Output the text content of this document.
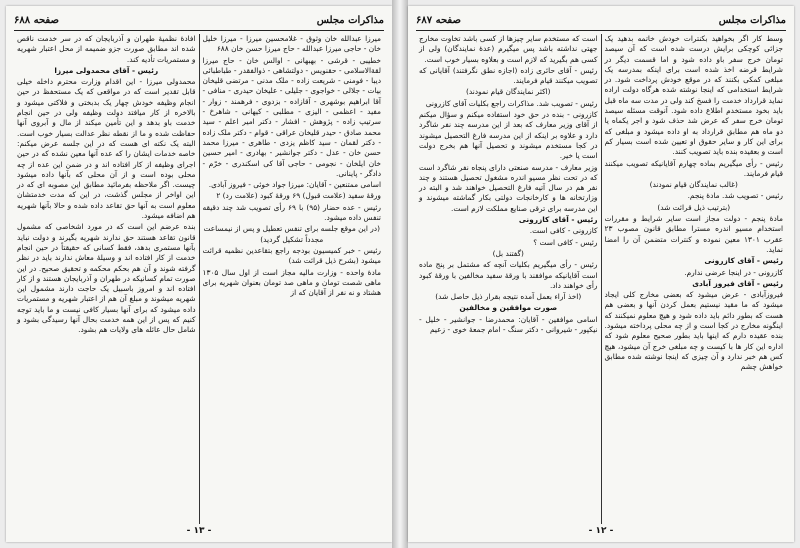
مذاکرات مجلس
صفحه ۶۸۸

میرزا عبدالله خان وثوق - غلامحسین میرزا - میرزا خلیل خان - حاجی میرزا عبدالله - حاج میرزا حسن خان ۶۸۸

خطیبی - قرشی - بهبهانی - اوالس خان - حاج میرزا لقةالاسلامی - حقنویس - دولتشاهی - ذوالفقدر - طباطبائی دیبا - فومنی - شریعت زاده - ملک مدنی - مرتضی قلیخان بیات - جلالی - خواجوی - جلیلی - علیخان حیدری - منافی - آقا ابراهیم بوشهری - آقازاده - بزدوی - فرهمند - زوار - مفید - اعظمی - الیزی - مطلبی - کیهانی - شاهرخ - سرتیپ زاده - پژوهش - افشار - دکتر امیر اعلم - سید محمد صادق - حیدر قلیخان عراقی - قوام - دکتر ملک زاده - دکتر لقمان - سید کاظم یزدی - طاهری - میرزا محمد حسن خان - عدل - دکتر جوانشیر - بهادری - امیر حسین خان ایلخان - نجومی - حاجی آقا کی اسکندری - خرّم - دادگر - پاینانی.

اسامی ممتنعین - آقایان: میرزا جواد خوئی - فیروز آبادی.

ورقهٔ سفید (علامت قبول) ۶۹ ورقهٔ کبود (علامت رد) ۲

رئیس - عده حضار (۹۵) با ۶۹ رأی تصویب شد چند دقیقه تنفس داده میشود.

(در این موقع جلسه برای تنفس تعطیل و پس از نیمساعت مجدداً تشکیل گردید)

رئیس - خبر کمیسیون بودجه راجع بتقاعدین نظمیه قرائت میشود (بشرح ذیل قرائت شد)

مادهٔ واحده - وزارت مالیه مجاز است از اول سال ۱۳۰۵ ماهی شصت تومان و ماهی صد تومان بعنوان شهریه برای هشتاد و نه نفر از آقایان که از

افادهٔ نظمیهٔ طهران و آذربایجان که در سر خدمت ناقص شده اند مطابق صورت جزو ضمیمه از محل اعتبار شهریه و مستمریات تأدیه کند.

رئیس - آقای محمدولی میرزا

محمدولی میرزا - این اقدام وزارت محترم داخله خیلی قابل تقدیر است که در مواقعی که یک مستحفظ در حین انجام وظیفه خودش چهار یک بدبختی و فلاکتی میشود و بالاخره از کار میافتد دولت وظیفه ولی در حین انجام خدمت باو بدهد و این تأمین میکند از مال و آبروی آنها حفاظت شده و ما از نقطه نظر عدالت بسیار خوب است. البته یک نکته ای هست که در این جلسه عرض میکنم: خاصه خدمات ایشان را که عده آنها معین نشده که در حین اجرای وظیفه از کار افتاده اند و در ضمن این عده از چه محلی بوده است و از آن محلی که بآنها داده میشود چیست. اگر ملاحظه بفرمائید مطابق این مصوبه ای که در این اواخر از مجلس گذشت، در این که مدت خدمتشان معلوم است به آنها حق تقاعد داده شده و حالا بآنها شهریه هم اضافه میشود.

بنده عرضم این است که در مورد اشخاصی که مشمول قانون تقاعد هستند حق ندارند شهریه بگیرند و دولت نباید بآنها مستمری بدهد، فقط کسانی که حقیقتاً در حین انجام خدمت از کار افتاده اند و وسیلهٔ معاش ندارند باید در نظر گرفته شوند و آن هم بحکم محکمه و تحقیق صحیح. در این صورت تمام کسانیکه در طهران و آذربایجان هستند و از کار افتاده اند و امروز باسبیل یک حاجت دارند مشمول این شهریه میشوند و مبلغ آن هم از اعتبار شهریه و مستمریات داده میشود که برای آنها بسیار کافی نیست و ما باید توجه کنیم که پس از این همه خدمت بحال آنها رسیدگی بشود و شامل حال عائله های ولایات هم بشود.

- ۱۳ -
مذاکرات مجلس
صفحه ۶۸۷

وسط کار اگر بخواهید بکنترات خودش خاتمه بدهید یک جزائی کوچکی برایش درست شده است که آن سیصد تومان خرج سفر باو داده شود و اما قسمت دیگر در شرایط قرضه اخذ شده است برای اینکه بمدرسه یک مبلغی کمکی بکنند که در موقع خودش پرداخت شود. در شرایط استخدامی که اینجا نوشته شده هرگاه دولت اراده نماید قرارداد خدمت را فسخ کند ولی در مدت سه ماه قبل باید بخود مستخدم اطلاع داده شود. آنوقت مسئله سیصد تومان خرج سفر که عرض شد حذف شود و اجر یکماه یا دو ماه هم مطابق قرارداد به او داده میشود و مبلغی که برای این کار و سایر حقوق او تعیین شده است بسیار کم است و بعقیده بنده باید تصویب کنند.

رئیس - رأی میگیریم بماده چهارم آقایانیکه تصویب میکنند قیام فرمایند.

(غالب نمایندگان قیام نمودند)

رئیس - تصویب شد. مادهٔ پنجم.

(بترتیب ذیل قرائت شد)

مادهٔ پنجم - دولت مجاز است سایر شرایط و مقررات استخدام مسیو اندره مسترا مطابق قانون مصوب ۲۳ عقرب ۱۳۰۱ معین نموده و کنترات متضمن آن را امضا نماید.

رئیس - آقای کازرونی

کازرونی - در اینجا عرضی ندارم.

رئیس - آقای فیروز آبادی

فیروزآبادی - عرض میشود که بعضی مخارج کلی ایجاد میشود که ما مقید نیستیم بعمل کردن آنها و بعضی هم هست که بطور دائم باید داده شود و هیچ معلوم نمیکنند که اینگونه مخارج در کجا است و از چه محلی پرداخته میشود. بنده عقیده دارم که اینها باید بطور صحیح معلوم شود که اداره این کار ها با کیست و چه مبلغی خرج آن میشود، هیچ کس هم خبر ندارد و آن چیزی که اینجا نوشته شده مطابق خواهش چشم

است که مستخدم سایر چیزها از کسی باشد تخاوت مخارج جهتی نداشته باشد پس میگیرم (عدهٔ نمایندگان) ولی از کسی هم بگیرید که لازم است و بعلاوه بسیار خوب است.

رئیس - آقای حائری زاده (اجازه نطق نگرفتند) آقایانی که تصویب میکنند قیام فرمایند.

(اکثر نمایندگان قیام نمودند)

رئیس - تصویب شد. مذاکرات راجع بکلیات آقای کازرونی

کازرونی - بنده در حق خود استفاده میکنم و سؤال میکنم از آقای وزیر معارف که بعد از این مدرسه چند نفر شاگرد دارد و علاوه بر اینکه از این مدرسه فارغ التحصیل میشوند در کجا مستخدم میشوند و تحصیل آنها هم بخرج دولت است یا خیر.

وزیر معارف - مدرسه صنعتی دارای پنجاه نفر شاگرد است که در تحت نظر مسیو اندره مشغول تحصیل هستند و چند نفر هم در سال آتیه فارغ التحصیل خواهند شد و البته در وزارتخانه ها و کارخانجات دولتی بکار گماشته میشوند و این مدرسه برای ترقی صنایع مملکت لازم است.

رئیس - آقای کازرونی

کازرونی - کافی است.

رئیس - کافی است ؟

(گفتند بل)

رئیس - رأی میگیریم بکلیات آنچه که مشتمل بر پنج ماده است آقایانیکه موافقند با ورقهٔ سفید مخالفین با ورقهٔ کبود رأی خواهند داد.

(اخذ آراء بعمل آمده نتیجه بقرار ذیل حاصل شد)

صورت موافقین و مخالفین

اسامی موافقین - آقایان: محمدرضا - جوانشیر - خلیل - نیکپور - شیروانی - دکتر سنگ - امام جمعهٔ خوی - زعیم

- ۱۲ -
